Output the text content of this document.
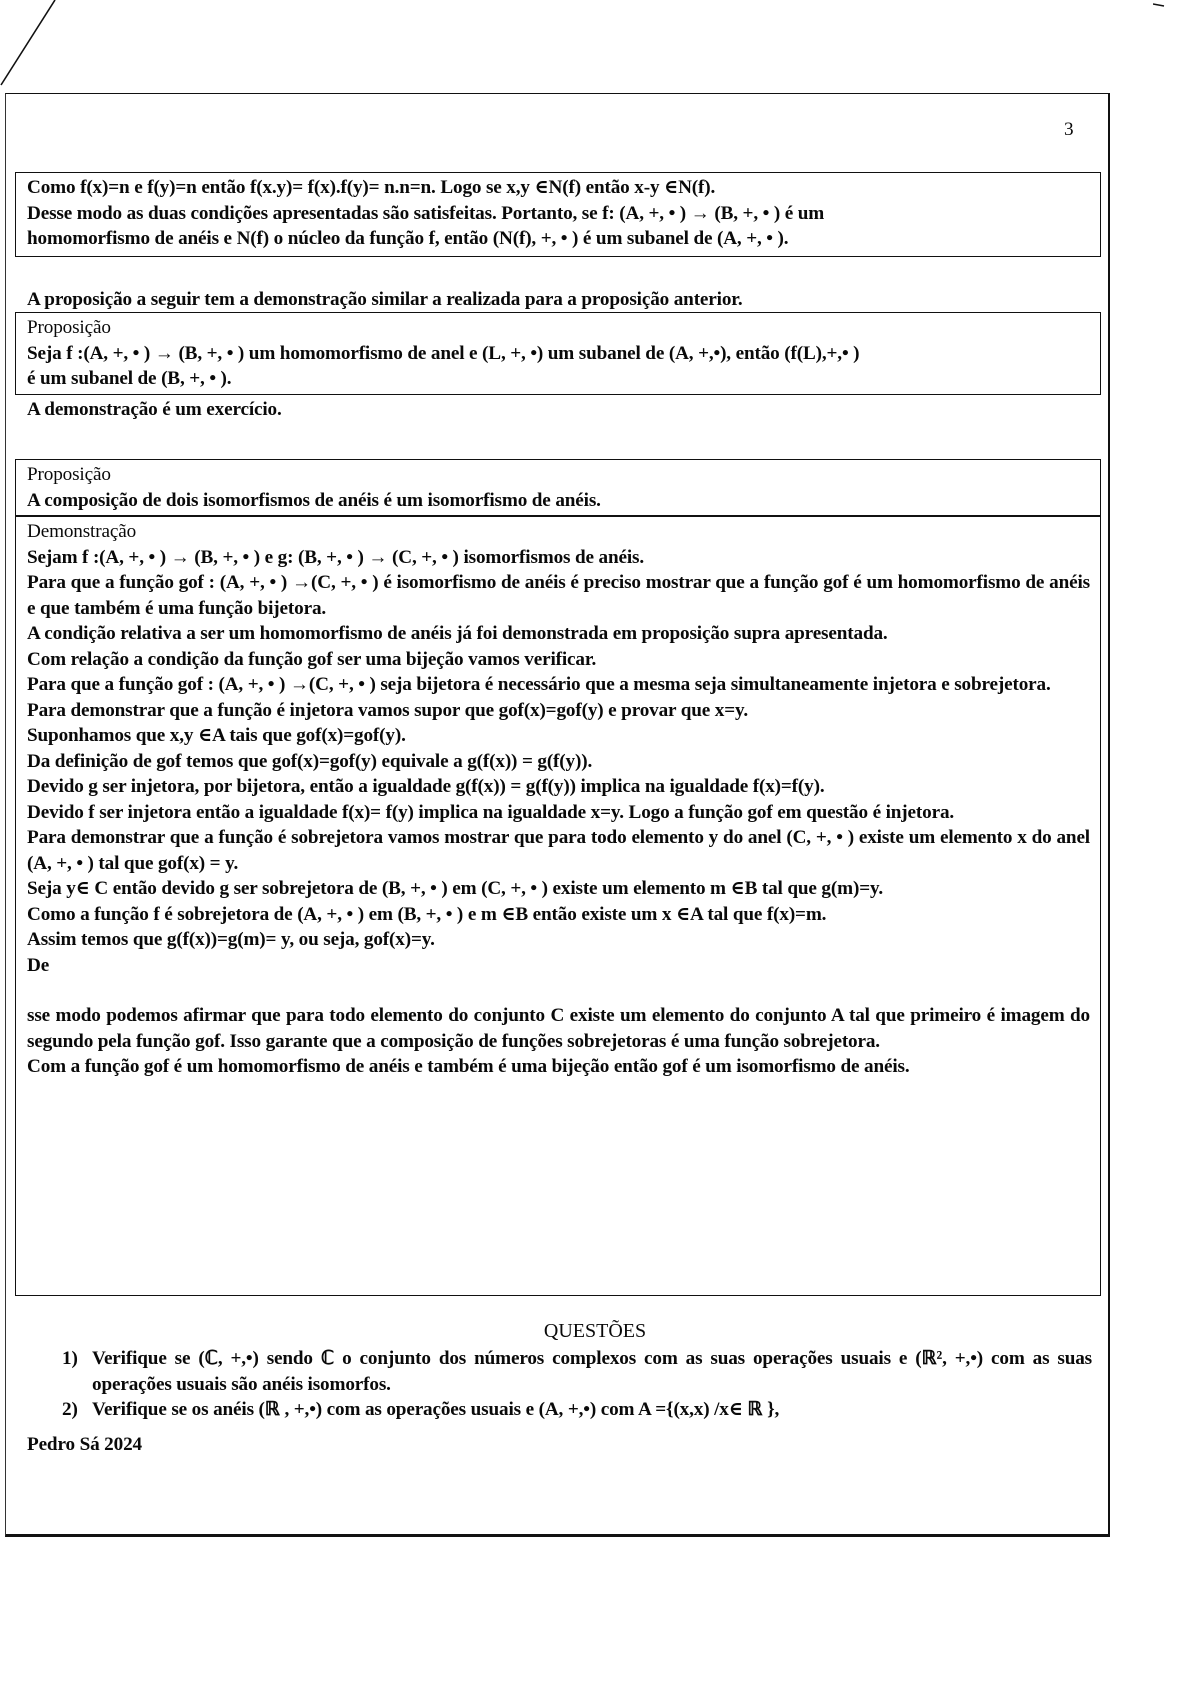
3
Como f(x)=n e f(y)=n então f(x.y)= f(x).f(y)= n.n=n. Logo se x,y ∈N(f) então x-y ∈N(f).
Desse modo as duas condições apresentadas são satisfeitas. Portanto, se f: (A, +, • ) → (B, +, • ) é um
homomorfismo de anéis e N(f) o núcleo da função f, então (N(f), +, • ) é um subanel de (A, +, • ).
A proposição a seguir tem a demonstração similar a realizada para a proposição anterior.
Proposição
Seja f :(A, +, • ) → (B, +, • ) um homomorfismo de anel e (L, +, •) um subanel de (A, +,•), então (f(L),+,• )
é um subanel de (B, +, • ).
A demonstração é um exercício.
Proposição
A composição de dois isomorfismos de anéis é um isomorfismo de anéis.
Demonstração
Sejam f :(A, +, • ) → (B, +, • ) e g: (B, +, • ) → (C, +, • ) isomorfismos de anéis.
Para que a função gof : (A, +, • ) →(C, +, • ) é isomorfismo de anéis é preciso mostrar que a função gof é um homomorfismo de anéis e que também é uma função bijetora.
A condição relativa a ser um homomorfismo de anéis já foi demonstrada em proposição supra apresentada.
Com relação a condição da função gof ser uma bijeção vamos verificar.
Para que a função gof : (A, +, • ) →(C, +, • ) seja bijetora é necessário que a mesma seja simultaneamente injetora e sobrejetora.
Para demonstrar que a função é injetora vamos supor que gof(x)=gof(y) e provar que x=y.
Suponhamos que x,y ∈A tais que gof(x)=gof(y).
Da definição de gof temos que gof(x)=gof(y) equivale a g(f(x)) = g(f(y)).
Devido g ser injetora, por bijetora, então a igualdade g(f(x)) = g(f(y)) implica na igualdade f(x)=f(y).
Devido f ser injetora então a igualdade f(x)= f(y) implica na igualdade x=y. Logo a função gof em questão é injetora.
Para demonstrar que a função é sobrejetora vamos mostrar que para todo elemento y do anel (C, +, • ) existe um elemento x do anel (A, +, • ) tal que gof(x) = y.
Seja y∈ C então devido g ser sobrejetora de (B, +, • ) em (C, +, • ) existe um elemento m ∈B tal que g(m)=y.
Como a função f é sobrejetora de (A, +, • ) em (B, +, • ) e m ∈B então existe um x ∈A tal que f(x)=m.
Assim temos que g(f(x))=g(m)= y, ou seja, gof(x)=y.
De
sse modo podemos afirmar que para todo elemento do conjunto C existe um elemento do conjunto A tal que primeiro é imagem do segundo pela função gof. Isso garante que a composição de funções sobrejetoras é uma função sobrejetora.
Com a função gof é um homomorfismo de anéis e também é uma bijeção então gof é um isomorfismo de anéis.
QUESTÕES
1) Verifique se (ℂ, +,•) sendo ℂ o conjunto dos números complexos com as suas operações usuais e (ℝ², +,•) com as suas operações usuais são anéis isomorfos.
2) Verifique se os anéis (ℝ , +,•) com as operações usuais e (A, +,•) com A ={(x,x) /x∈ ℝ },
Pedro Sá 2024
